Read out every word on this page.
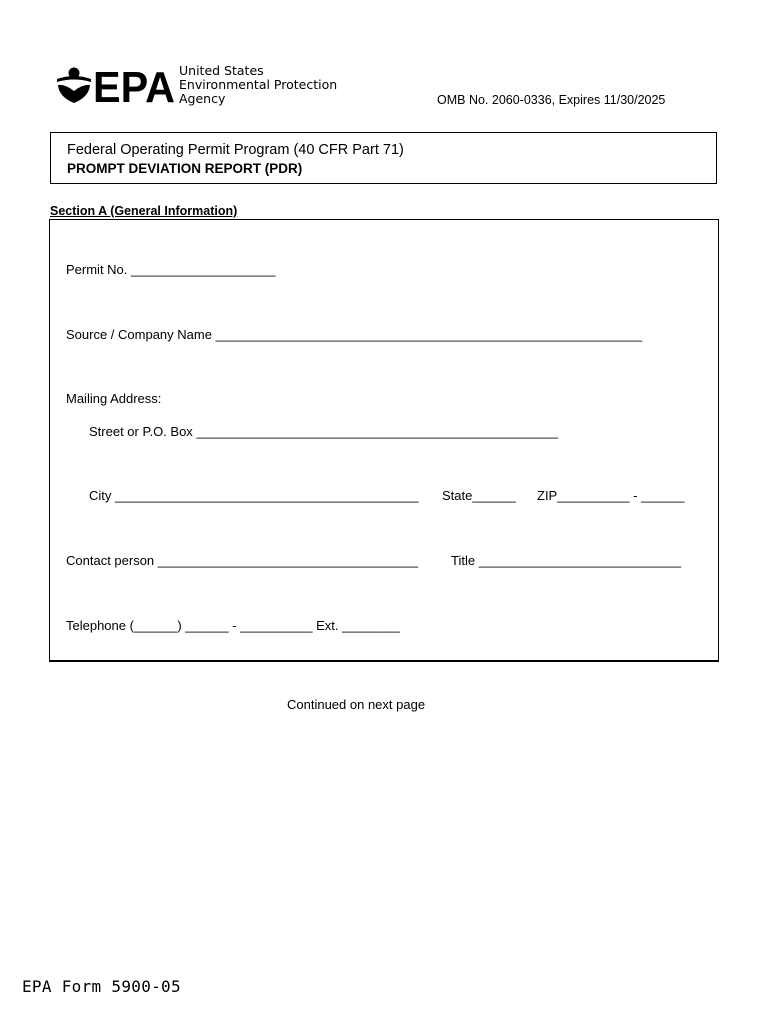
EPA United States
Environmental Protection
Agency	OMB No. 2060-0336, Expires 11/30/2025
Federal Operating Permit Program (40 CFR Part 71)
PROMPT DEVIATION REPORT (PDR)
Section A (General Information)
Permit No. ____________________
Source / Company Name ___________________________________________________________
Mailing Address:
Street or P.O. Box __________________________________________________
City __________________________________________ State______ ZIP__________ - ______
Contact person ____________________________________	Title ____________________________
Telephone (______) ______ - __________ Ext. ________
Continued on next page
EPA Form 5900-05
